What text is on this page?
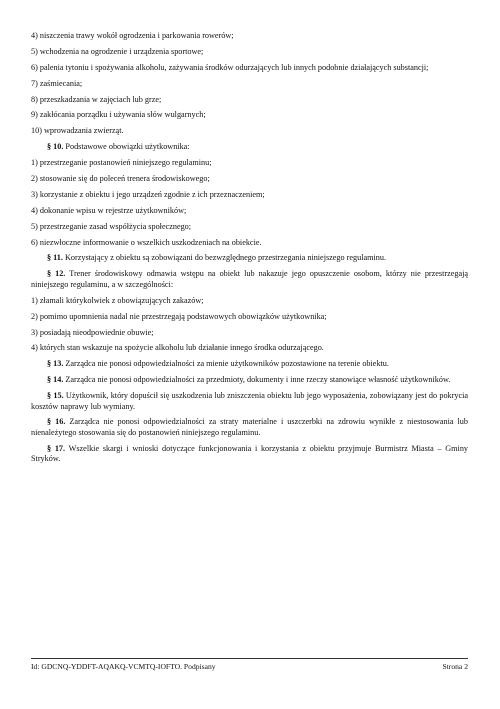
4) niszczenia trawy wokół ogrodzenia i parkowania rowerów;

5) wchodzenia na ogrodzenie i urządzenia sportowe;

6) palenia tytoniu i spożywania alkoholu, zażywania środków odurzających lub innych podobnie działających substancji;

7) zaśmiecania;

8) przeszkadzania w zajęciach lub grze;

9) zakłócania porządku i używania słów wulgarnych;

10) wprowadzania zwierząt.

§ 10. Podstawowe obowiązki użytkownika:

1) przestrzeganie postanowień niniejszego regulaminu;

2) stosowanie się do poleceń trenera środowiskowego;

3) korzystanie z obiektu i jego urządzeń zgodnie z ich przeznaczeniem;

4) dokonanie wpisu w rejestrze użytkowników;

5) przestrzeganie zasad współżycia społecznego;

6) niezwłoczne informowanie o wszelkich uszkodzeniach na obiekcie.

§ 11. Korzystający z obiektu są zobowiązani do bezwzględnego przestrzegania niniejszego regulaminu.

§ 12. Trener środowiskowy odmawia wstępu na obiekt lub nakazuje jego opuszczenie osobom, którzy nie przestrzegają niniejszego regulaminu, a w szczególności:

1) złamali którykolwiek z obowiązujących zakazów;

2) pomimo upomnienia nadal nie przestrzegają podstawowych obowiązków użytkownika;

3) posiadają nieodpowiednie obuwie;

4) których stan wskazuje na spożycie alkoholu lub działanie innego środka odurzającego.

§ 13. Zarządca nie ponosi odpowiedzialności za mienie użytkowników pozostawione na terenie obiektu.

§ 14. Zarządca nie ponosi odpowiedzialności za przedmioty, dokumenty i inne rzeczy stanowiące własność użytkowników.

§ 15. Użytkownik, który dopuścił się uszkodzenia lub zniszczenia obiektu lub jego wyposażenia, zobowiązany jest do pokrycia kosztów naprawy lub wymiany.

§ 16. Zarządca nie ponosi odpowiedzialności za straty materialne i uszczerbki na zdrowiu wynikłe z niestosowania lub nienależytego stosowania się do postanowień niniejszego regulaminu.

§ 17. Wszelkie skargi i wnioski dotyczące funkcjonowania i korzystania z obiektu przyjmuje Burmistrz Miasta – Gminy Stryków.

Id: GDCNQ-YDDFT-AQAKQ-VCMTQ-IOFTO. Podpisany	Strona 2
